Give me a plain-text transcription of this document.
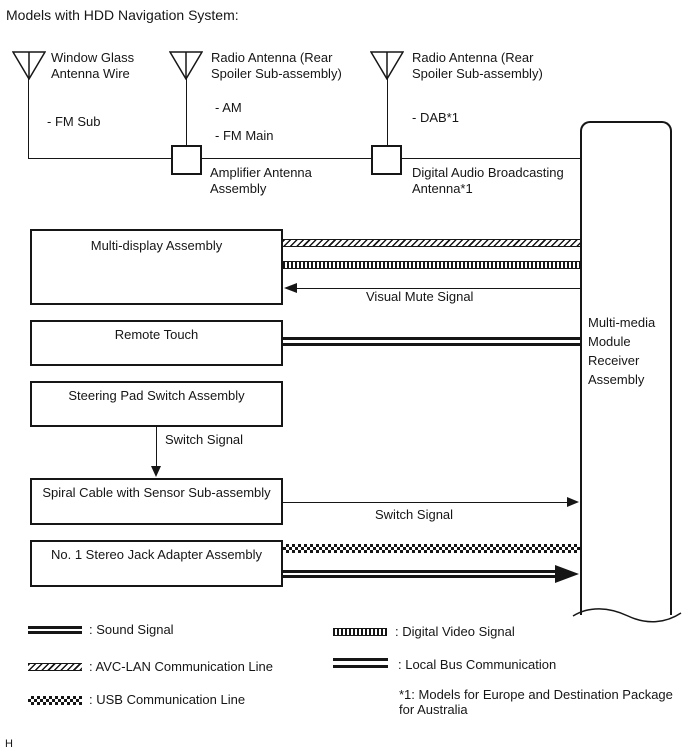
Models with HDD Navigation System:
Window Glass Antenna Wire
- FM Sub
Radio Antenna (Rear Spoiler Sub-assembly)
- AM
- FM Main
Radio Antenna (Rear Spoiler Sub-assembly)
- DAB*1
Amplifier Antenna Assembly
Digital Audio Broadcasting Antenna*1
Multi-media Module Receiver Assembly
Multi-display Assembly
Remote Touch
Steering Pad Switch Assembly
Spiral Cable with Sensor Sub-assembly
No. 1 Stereo Jack Adapter Assembly
Visual Mute Signal
Switch Signal
Switch Signal
: Sound Signal
: AVC-LAN Communication Line
: USB Communication Line
: Digital Video Signal
: Local Bus Communication
*1: Models for Europe and Destination Package
for Australia
H
